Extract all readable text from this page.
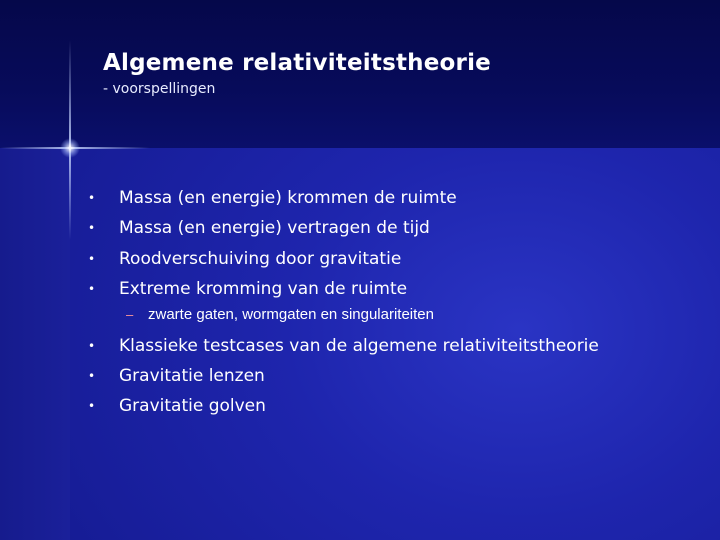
Algemene relativiteitstheorie

- voorspellingen

•	Massa (en energie) krommen de ruimte
•	Massa (en energie) vertragen de tijd
•	Roodverschuiving door gravitatie
•	Extreme kromming van de ruimte
– zwarte gaten, wormgaten en singulariteiten
•	Klassieke testcases van de algemene relativiteitstheorie
•	Gravitatie lenzen
•	Gravitatie golven
